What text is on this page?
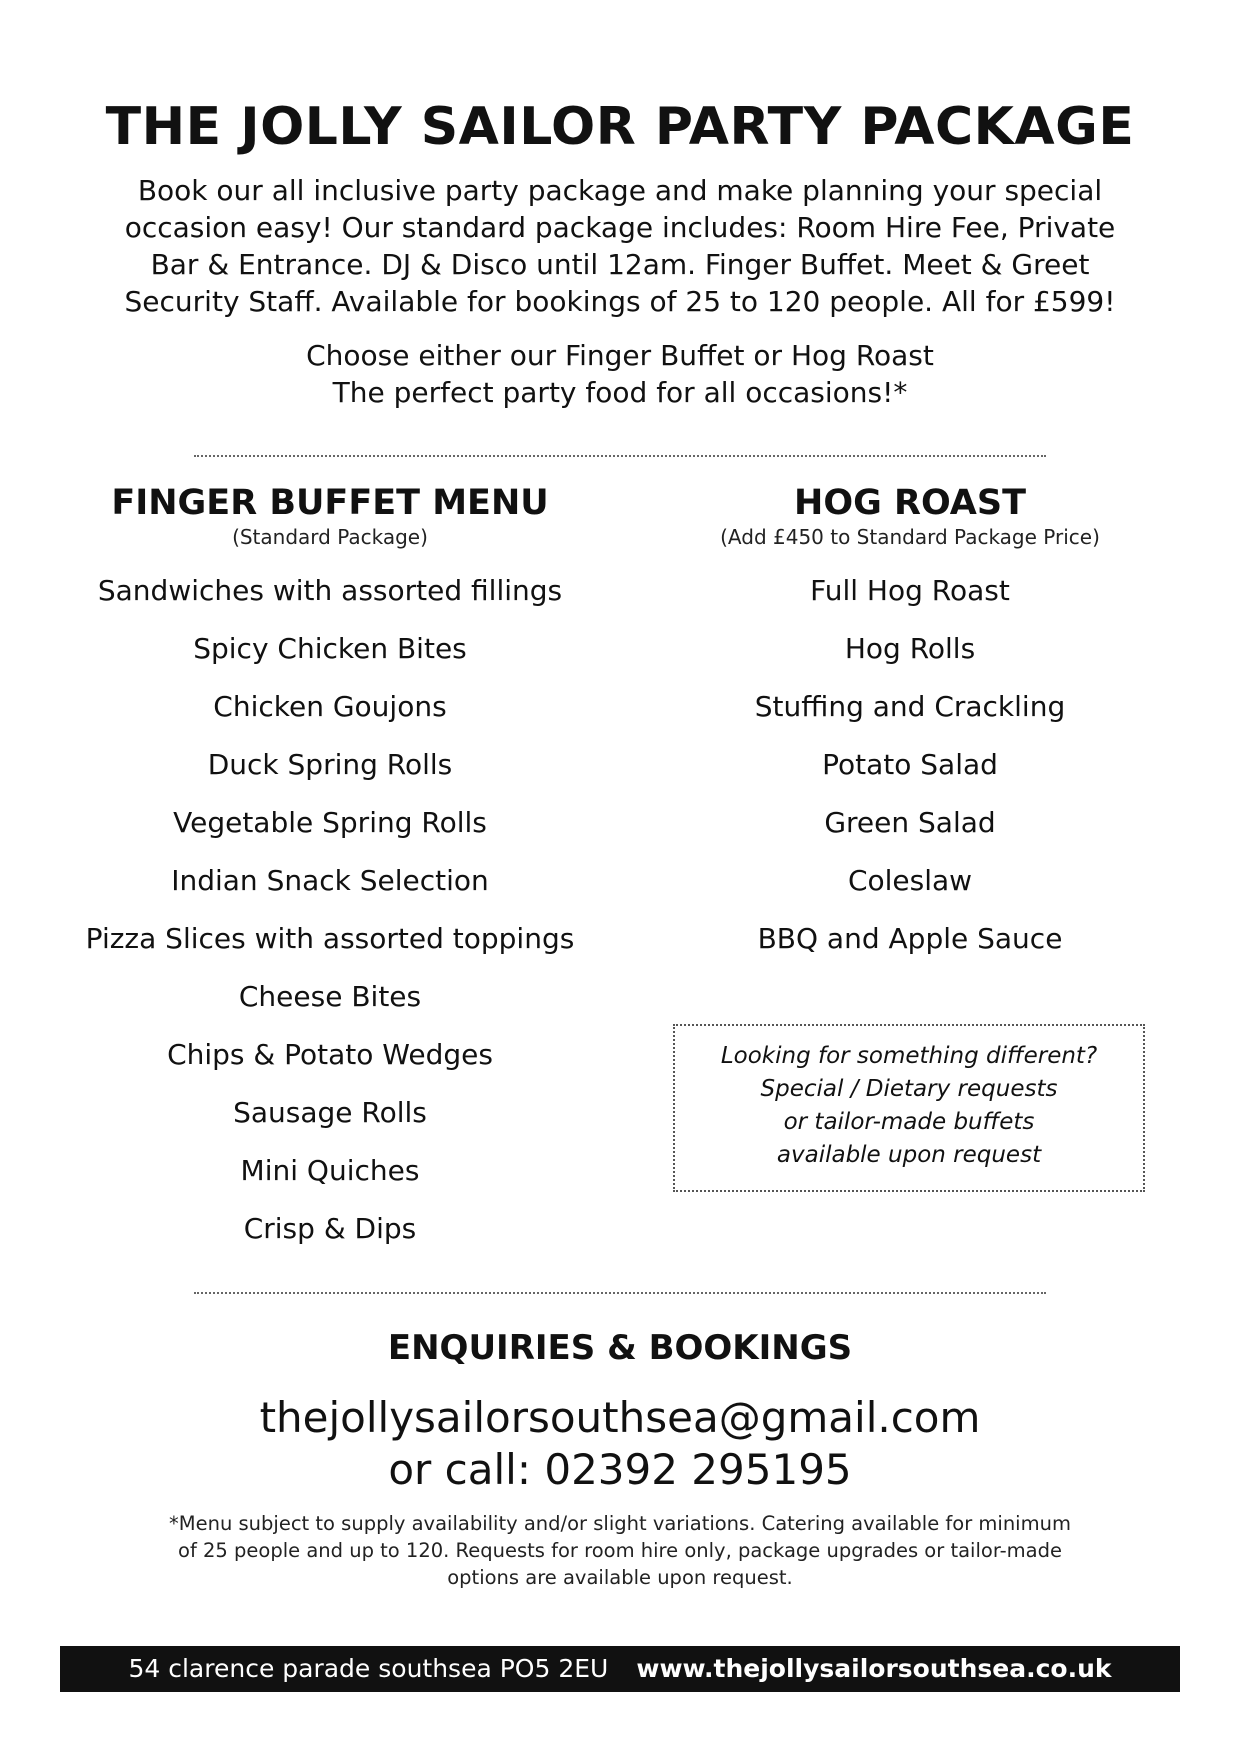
THE JOLLY SAILOR PARTY PACKAGE
Book our all inclusive party package and make planning your special
occasion easy! Our standard package includes: Room Hire Fee, Private
Bar & Entrance. DJ & Disco until 12am. Finger Buffet. Meet & Greet
Security Staff. Available for bookings of 25 to 120 people. All for £599!
Choose either our Finger Buffet or Hog Roast
The perfect party food for all occasions!*
FINGER BUFFET MENU
(Standard Package)
HOG ROAST
(Add £450 to Standard Package Price)
Sandwiches with assorted fillings
Spicy Chicken Bites
Chicken Goujons
Duck Spring Rolls
Vegetable Spring Rolls
Indian Snack Selection
Pizza Slices with assorted toppings
Cheese Bites
Chips & Potato Wedges
Sausage Rolls
Mini Quiches
Crisp & Dips
Full Hog Roast
Hog Rolls
Stuffing and Crackling
Potato Salad
Green Salad
Coleslaw
BBQ and Apple Sauce
Looking for something different?
Special / Dietary requests
or tailor-made buffets
available upon request
ENQUIRIES & BOOKINGS
thejollysailorsouthsea@gmail.com
or call: 02392 295195
*Menu subject to supply availability and/or slight variations. Catering available for minimum
of 25 people and up to 120. Requests for room hire only, package upgrades or tailor-made
options are available upon request.
54 clarence parade southsea PO5 2EU www.thejollysailorsouthsea.co.uk
